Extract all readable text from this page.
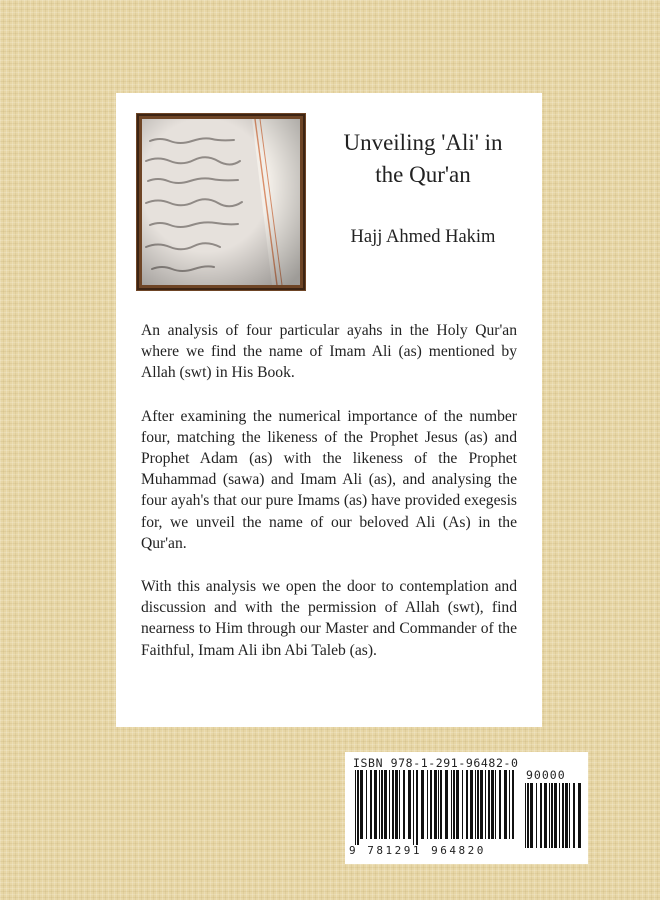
Unveiling 'Ali' in
the Qur'an
Hajj Ahmed Hakim

An analysis of four particular ayahs in the Holy Qur'an where we find the name of Imam Ali (as) mentioned by Allah (swt) in His Book.

After examining the numerical importance of the number four, matching the likeness of the Prophet Jesus (as) and Prophet Adam (as) with the likeness of the Prophet Muhammad (sawa) and Imam Ali (as), and analysing the four ayah's that our pure Imams (as) have provided exegesis for, we unveil the name of our beloved Ali (As) in the Qur'an.

With this analysis we open the door to contemplation and discussion and with the permission of Allah (swt), find nearness to Him through our Master and Commander of the Faithful, Imam Ali ibn Abi Taleb (as).

ISBN 978-1-291-96482-0
90000
9 781291 964820
